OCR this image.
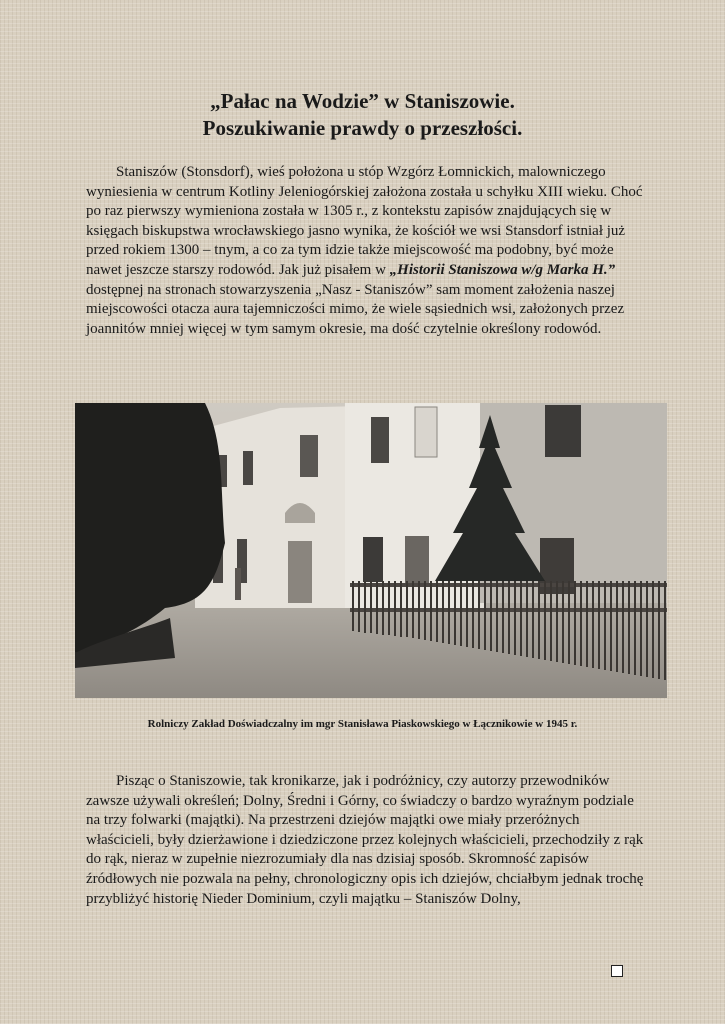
„Pałac na Wodzie” w Staniszowie.
Poszukiwanie prawdy o przeszłości.

Staniszów (Stonsdorf), wieś położona u stóp Wzgórz Łomnickich, malowniczego wyniesienia w centrum Kotliny Jeleniogórskiej założona została u schyłku XIII wieku. Choć po raz pierwszy wymieniona została w 1305 r., z kontekstu zapisów znajdujących się w księgach biskupstwa wrocławskiego jasno wynika, że kościół we wsi Stansdorf istniał już przed rokiem 1300 – tnym, a co za tym idzie także miejscowość ma podobny, być może nawet jeszcze starszy rodowód. Jak już pisałem w „Historii Staniszowa w/g Marka H.” dostępnej na stronach stowarzyszenia „Nasz - Staniszów” sam moment założenia naszej miejscowości otacza aura tajemniczości mimo, że wiele sąsiednich wsi, założonych przez joannitów mniej więcej w tym samym okresie, ma dość czytelnie określony rodowód.

Rolniczy Zakład Doświadczalny im mgr Stanisława Piaskowskiego w Łącznikowie w 1945 r.

Pisząc o Staniszowie, tak kronikarze, jak i podróżnicy, czy autorzy przewodników zawsze używali określeń; Dolny, Średni i Górny, co świadczy o bardzo wyraźnym podziale na trzy folwarki (majątki). Na przestrzeni dziejów majątki owe miały przeróżnych właścicieli, były dzierżawione i dziedziczone przez kolejnych właścicieli, przechodziły z rąk do rąk, nieraz w zupełnie niezrozumiały dla nas dzisiaj sposób. Skromność zapisów źródłowych nie pozwala na pełny, chronologiczny opis ich dziejów, chciałbym jednak trochę przybliżyć historię Nieder Dominium, czyli majątku – Staniszów Dolny,
